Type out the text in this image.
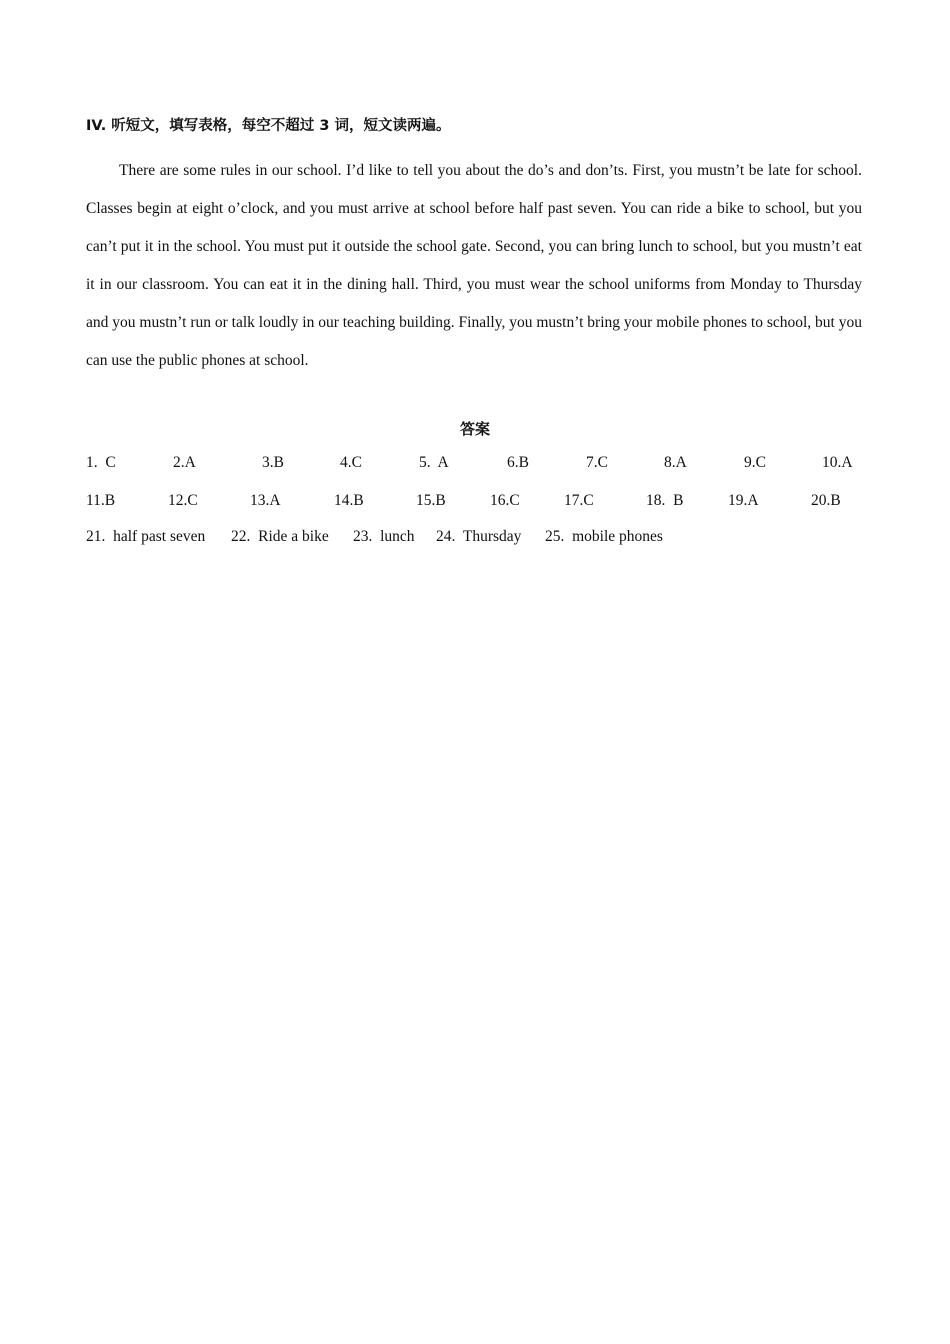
IV. 听短文，填写表格，每空不超过 3 词，短文读两遍。

There are some rules in our school. I’d like to tell you about the do’s and don’ts. First, you mustn’t be late for school. Classes begin at eight o’clock, and you must arrive at school before half past seven. You can ride a bike to school, but you can’t put it in the school. You must put it outside the school gate. Second, you can bring lunch to school, but you mustn’t eat it in our classroom. You can eat it in the dining hall. Third, you must wear the school uniforms from Monday to Thursday and you mustn’t run or talk loudly in our teaching building. Finally, you mustn’t bring your mobile phones to school, but you can use the public phones at school.

答案
1.  C	2.A	3.B	4.C	5.  A	6.B	7.C	8.A	9.C	10.A
11.B	12.C	13.A	14.B	15.B	16.C	17.C	18.  B	19.A	20.B
21.  half past seven 22.  Ride a bike 23.  lunch 24.  Thursday 25.  mobile phones
